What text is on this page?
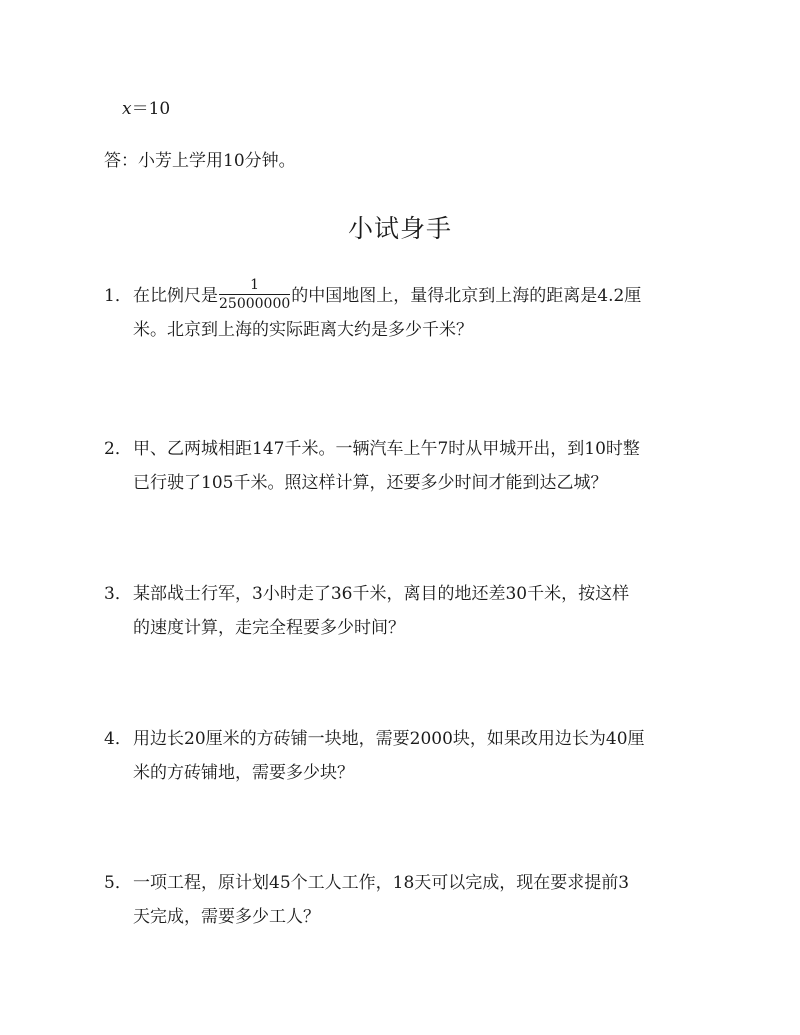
x＝10
答：小芳上学用10分钟。
小试身手
1． 在比例尺是 $\frac{1}{25000000}$ 的中国地图上，量得北京到上海的距离是4.2厘
米。北京到上海的实际距离大约是多少千米？
2． 甲、乙两城相距147千米。一辆汽车上午7时从甲城开出，到10时整
已行驶了105千米。照这样计算，还要多少时间才能到达乙城？
3． 某部战士行军，3小时走了36千米，离目的地还差30千米，按这样
的速度计算，走完全程要多少时间？
4． 用边长20厘米的方砖铺一块地，需要2000块，如果改用边长为40厘
米的方砖铺地，需要多少块？
5． 一项工程，原计划45个工人工作，18天可以完成，现在要求提前3
天完成，需要多少工人？
